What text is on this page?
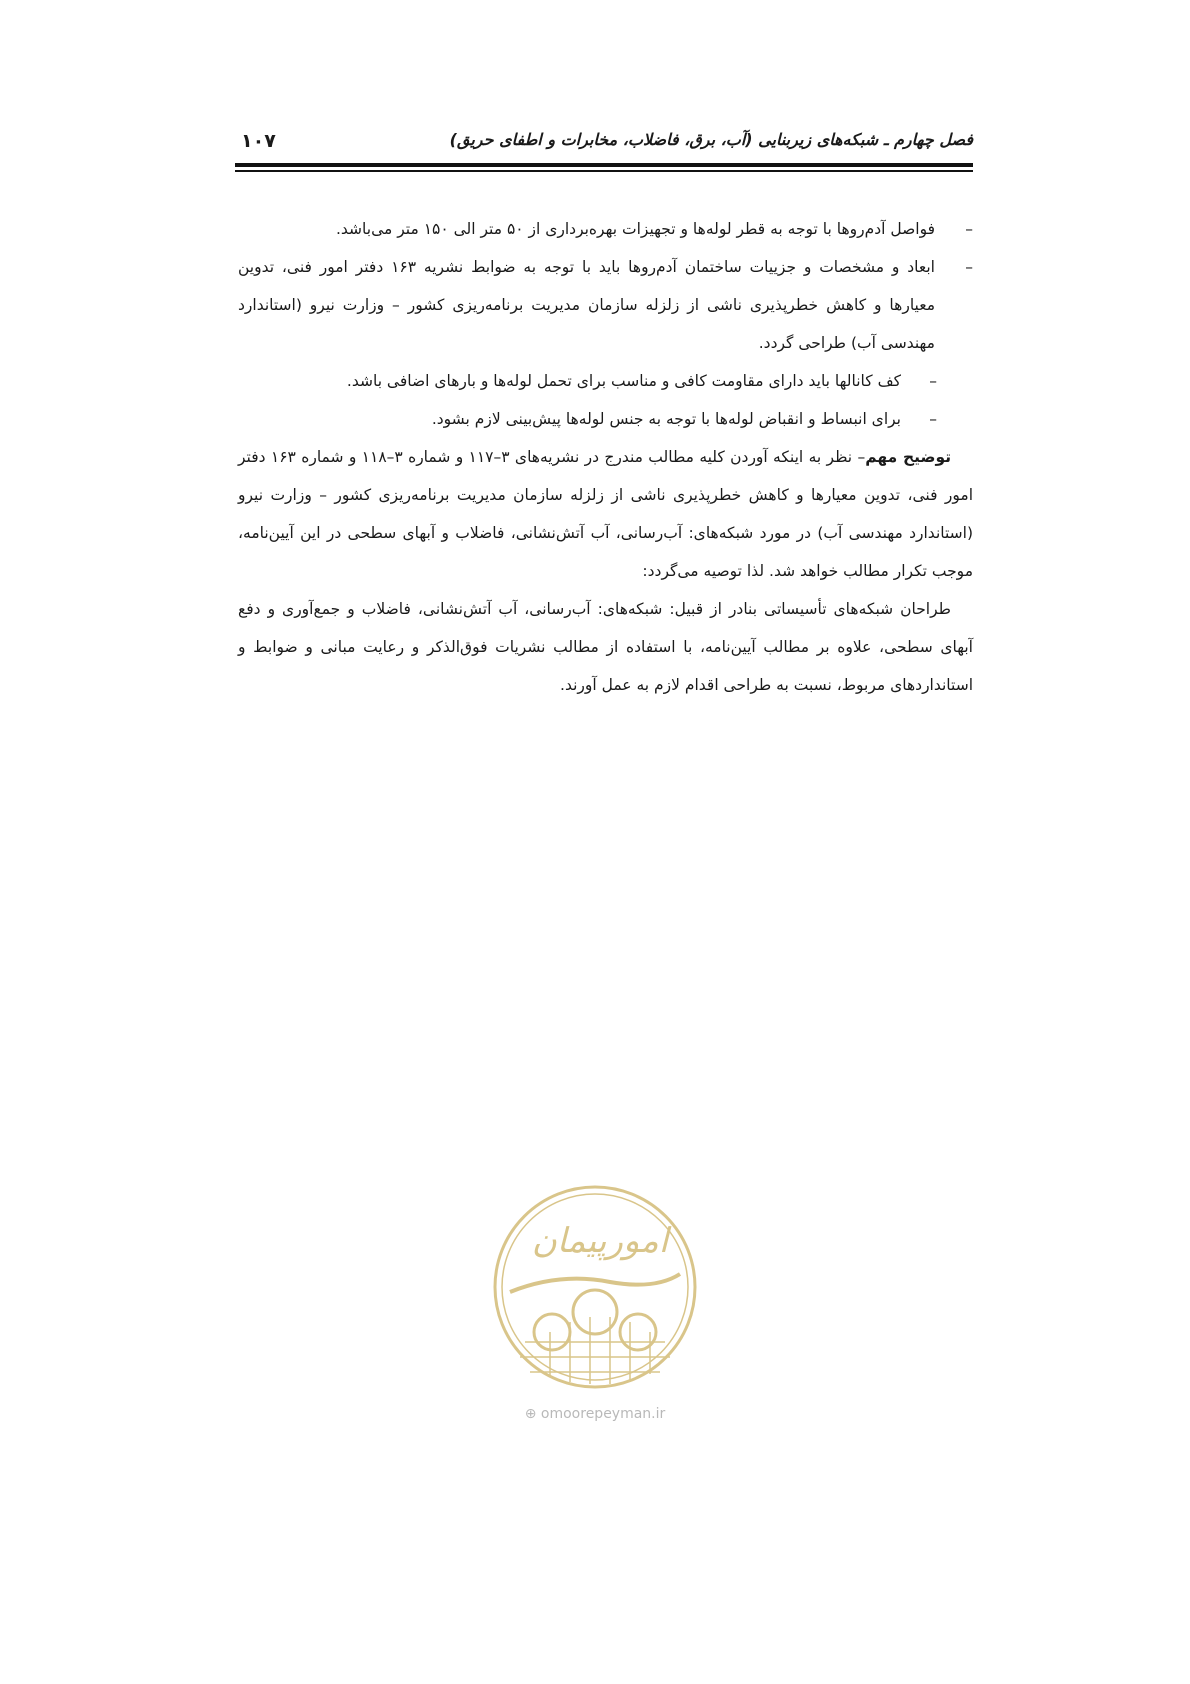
۱۰۷	فصل چهارم ـ شبکه‌های زیربنایی (آب، برق، فاضلاب، مخابرات و اطفای حریق)

–
فواصل آدم‌روها با توجه به قطر لوله‌ها و تجهیزات بهره‌برداری از ۵۰ متر الی ۱۵۰ متر می‌باشد.

–
ابعاد و مشخصات و جزییات ساختمان آدم‌روها باید با توجه به ضوابط نشریه ۱۶۳ دفتر امور فنی، تدوین معیارها و کاهش خطرپذیری ناشی از زلزله سازمان مدیریت برنامه‌ریزی کشور – وزارت نیرو (استاندارد مهندسی آب) طراحی گردد.

–
کف کانالها باید دارای مقاومت کافی و مناسب برای تحمل لوله‌ها و بارهای اضافی باشد.

–
برای انبساط و انقباض لوله‌ها با توجه به جنس لوله‌ها پیش‌بینی لازم بشود.

توضیح مهم– نظر به اینکه آوردن کلیه مطالب مندرج در نشریه‌های ۳–۱۱۷ و شماره ۳–۱۱۸ و شماره ۱۶۳ دفتر امور فنی، تدوین معیارها و کاهش خطرپذیری ناشی از زلزله سازمان مدیریت برنامه‌ریزی کشور – وزارت نیرو (استاندارد مهندسی آب) در مورد شبکه‌های: آب‌رسانی، آب آتش‌نشانی، فاضلاب و آبهای سطحی در این آیین‌نامه، موجب تکرار مطالب خواهد شد. لذا توصیه می‌گردد:

طراحان شبکه‌های تأسیساتی بنادر از قبیل: شبکه‌های: آب‌رسانی، آب آتش‌نشانی، فاضلاب و جمع‌آوری و دفع آبهای سطحی، علاوه بر مطالب آیین‌نامه، با استفاده از مطالب نشریات فوق‌الذکر و رعایت مبانی و ضوابط و استانداردهای مربوط، نسبت به طراحی اقدام لازم به عمل آورند.

امورپیمان
⊕ omoorepeyman.ir
